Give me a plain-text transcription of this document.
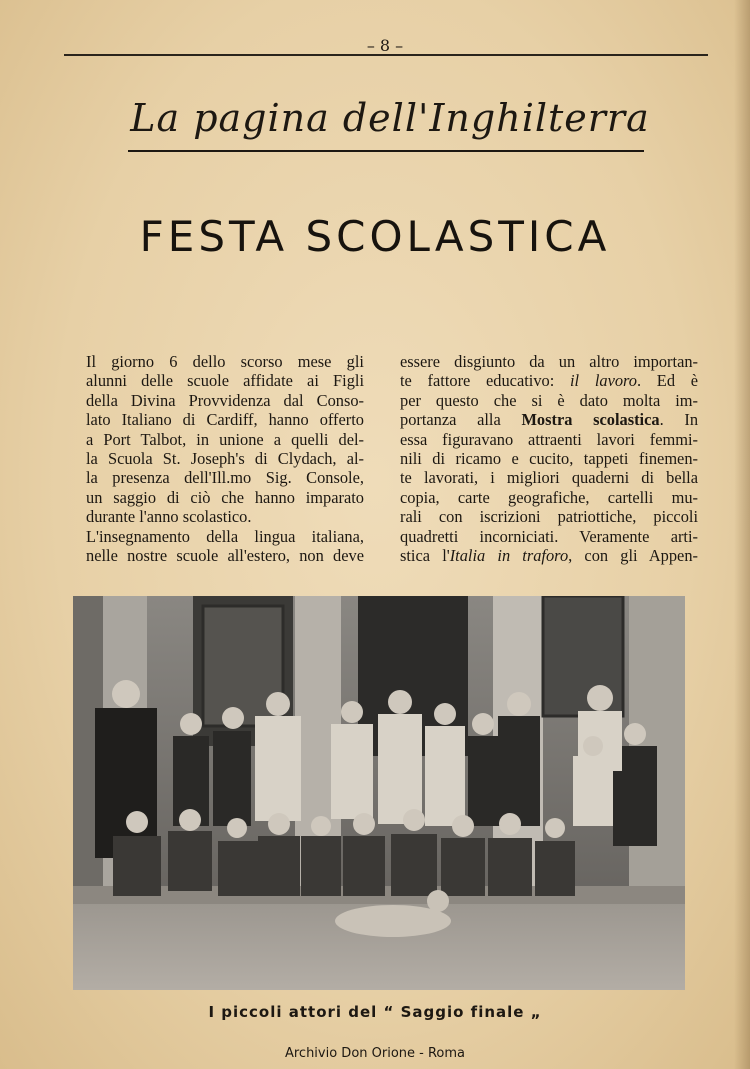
– 8 –
La pagina dell'Inghilterra
FESTA SCOLASTICA

Il giorno 6 dello scorso mese gli
alunni delle scuole affidate ai Figli
della Divina Provvidenza dal Conso-
lato Italiano di Cardiff, hanno offerto
a Port Talbot, in unione a quelli del-
la Scuola St. Joseph's di Clydach, al-
la presenza dell'Ill.mo Sig. Console,
un saggio di ciò che hanno imparato
durante l'anno scolastico.

L'insegnamento della lingua italiana,
nelle nostre scuole all'estero, non deve

essere disgiunto da un altro importan-
te fattore educativo: il lavoro. Ed è
per questo che si è dato molta im-
portanza alla Mostra scolastica. In
essa figuravano attraenti lavori femmi-
nili di ricamo e cucito, tappeti finemen-
te lavorati, i migliori quaderni di bella
copia, carte geografiche, cartelli mu-
rali con iscrizioni patriottiche, piccoli
quadretti incorniciati. Veramente arti-
stica l'Italia in traforo, con gli Appen-
I piccoli attori del “ Saggio finale „
Archivio Don Orione - Roma
